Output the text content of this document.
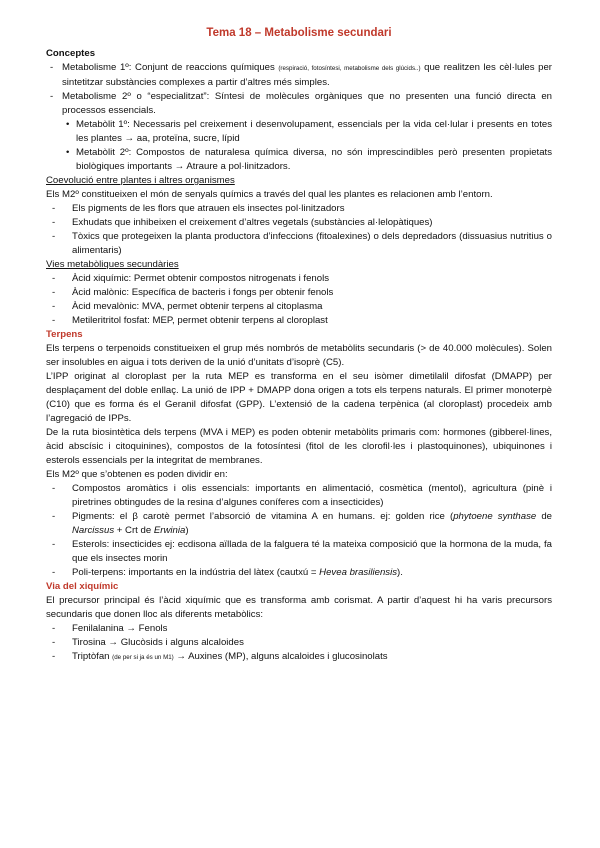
Tema 18 – Metabolisme secundari
Conceptes
- Metabolisme 1º: Conjunt de reaccions químiques (respiració, fotosíntesi, metabolisme dels glúcids..) que realitzen les cèl·lules per sintetitzar substàncies complexes a partir d’altres més simples.
- Metabolisme 2º o “especialitzat”: Síntesi de molècules orgàniques que no presenten una funció directa en processos essencials.
• Metabòlit 1º: Necessaris pel creixement i desenvolupament, essencials per la vida cel·lular i presents en totes les plantes → aa, proteïna, sucre, lípid
• Metabòlit 2º: Compostos de naturalesa química diversa, no són imprescindibles però presenten propietats biològiques importants → Atraure a pol·linitzadors.
Coevolució entre plantes i altres organismes

Els M2º constitueixen el món de senyals químics a través del qual les plantes es relacionen amb l’entorn.

- Els pigments de les flors que atrauen els insectes pol·linitzadors
- Exhudats que inhibeixen el creixement d’altres vegetals (substàncies al·lelopàtiques)
- Tòxics que protegeixen la planta productora d’infeccions (fitoalexines) o dels depredadors (dissuasius nutritius o alimentaris)
Vies metabòliques secundàries
- Àcid xiquímic: Permet obtenir compostos nitrogenats i fenols
- Àcid malònic: Específica de bacteris i fongs per obtenir fenols
- Àcid mevalònic: MVA, permet obtenir terpens al citoplasma
- Metileritritol fosfat: MEP, permet obtenir terpens al cloroplast
Terpens

Els terpens o terpenoids constitueixen el grup més nombrós de metabòlits secundaris (> de 40.000 molècules). Solen ser insolubles en aigua i tots deriven de la unió d’unitats d’isoprè (C5).

L’IPP originat al cloroplast per la ruta MEP es transforma en el seu isòmer dimetilalil difosfat (DMAPP) per desplaçament del doble enllaç. La unió de IPP + DMAPP dona origen a tots els terpens naturals. El primer monoterpè (C10) que es forma és el Geranil difosfat (GPP). L’extensió de la cadena terpènica (al cloroplast) procedeix amb l’agregació de IPPs.

De la ruta biosintètica dels terpens (MVA i MEP) es poden obtenir metabòlits primaris com: hormones (gibberel·lines, àcid abscísic i citoquinines), compostos de la fotosíntesi (fitol de les clorofil·les i plastoquinones), ubiquinones i esterols essencials per la integritat de membranes.

Els M2º que s’obtenen es poden dividir en:

- Compostos aromàtics i olis essencials: importants en alimentació, cosmètica (mentol), agricultura (pinè i piretrines obtingudes de la resina d’algunes coníferes com a insecticides)
- Pigments: el β carotè permet l’absorció de vitamina A en humans. ej: golden rice (phytoene synthase de Narcissus + Crt de Erwinia)
- Esterols: insecticides ej: ecdisona aïllada de la falguera té la mateixa composició que la hormona de la muda, fa que els insectes morin
- Poli-terpens: importants en la indústria del làtex (cautxú = Hevea brasiliensis).
Via del xiquímic

El precursor principal és l’àcid xiquímic que es transforma amb corismat. A partir d’aquest hi ha varis precursors secundaris que donen lloc als diferents metabòlics:

- Fenilalanina → Fenols
- Tirosina → Glucòsids i alguns alcaloides
- Triptòfan (de per si ja és un M1) → Auxines (MP), alguns alcaloides i glucosinolats
